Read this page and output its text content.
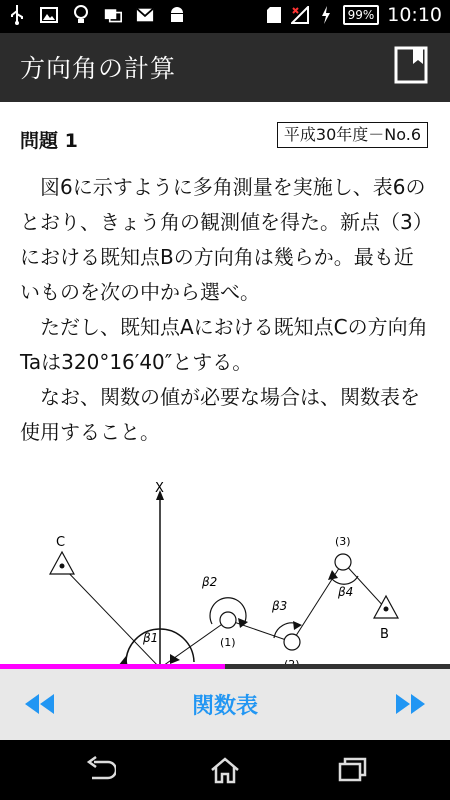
99% 10:10
方向角の計算
問題 1	平成30年度－No.6

図6に示すように多角測量を実施し、表6のとおり、きょう角の観測値を得た。新点（3）における既知点Bの方向角は幾らか。最も近いものを次の中から選べ。

ただし、既知点Aにおける既知点Cの方向角Taは320°16′40″とする。

なお、関数の値が必要な場合は、関数表を使用すること。

X
C
B
(1)
(3)
β1
β2
β3
β4
関数表
